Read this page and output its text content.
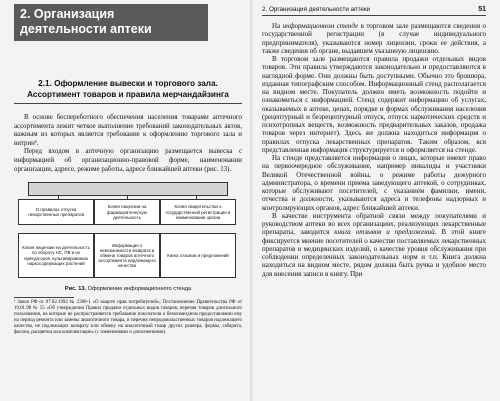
2. Организация деятельности аптеки
2.1. Оформление вывески и торгового зала. Ассортимент товаров и правила мерчандайзинга

В основе беспереботного обеспечения населения товарами аптечного ассортимента лежит четкое выполнение требований законодательных актов, важным из которых является требование к оформлению торгового зала и витрин¹.

Перед входом в аптечную организацию размещается вывеска с информацией об организационно-правовой форме, наименовании организации, адресе, режиме работы, адресе ближайшей аптеки (рис. 13).

О правилах отпуска лекарственных препаратов
Копия лицензии на фармацевтическую деятельность
Копия свидетельства о государственной регистрации и наименовании органа
Копия лицензии на деятельность по обороту НС, ПВ и их прекурсоров, культивированию наркосодержащих растений
Информация о невозможности возврата и обмена товаров аптечного ассортимента надлежащего качества
Книга отзывов и предложений
Рис. 13. Оформление информационного стенда

¹ Закон РФ от 07.02.1992 № 2300-1 «О защите прав потребителей»; Постановление Правительства РФ от 19.01.98 № 55 «Об утверждении Правил продажи отдельных видов товаров, перечня товаров длительного пользования, на которые не распространяется требование покупателя о безвозмездном предоставлении ему на период ремонта или замены аналогичного товара, и перечня непродовольственных товаров надлежащего качества, не подлежащих возврату или обмену на аналогичный товар других размера, формы, габарита, фасона, расцветки или комплектации» (с изменениями и дополнениями).

2. Организация деятельности аптеки	51

На информационном стенде в торговом зале размещаются сведения о государственной регистрации (в случае индивидуального предпринимателя), указываются номер лицензии, сроки ее действия, а также сведения об органе, выдавшем указанную лицензию.

В торговом зале размещаются правила продажи отдельных видов товаров. Эти правила утверждаются законодательно и предоставляются в наглядной форме. Они должны быть доступными. Обычно это брошюра, изданная типографским способом. Информационный стенд располагается на видном месте. Покупатель должен иметь возможность подойти и ознакомиться с информацией. Стенд содержит информацию об услугах, оказываемых в аптеке, ценах, порядке и формах обслуживания населения (рецептурный и безрецептурный отпуск, отпуск наркотических средств и психотропных веществ, возможность предварительных заказов, продажа товаров через интернет). Здесь же должна находиться информация о правилах отпуска лекарственных препаратов. Таким образом, вся представленная информация структурируется и оформляется на стенде.

На стенде представляется информация о лицах, которые имеют право на первоочередное обслуживание, например инвалиды и участники Великой Отечественной войны, о режиме работы дежурного администратора, о времени приема заведующего аптекой, о сотрудниках, которые обслуживают посетителей, с указанием фамилии, имени, отчества и должности, указываются адреса и телефоны надзорных и контролирующих органов, адрес ближайшей аптеки.

В качестве инструмента обратной связи между покупателями и руководством аптеки во всех организациях, реализующих лекарственные препараты, заводится книга отзывов и предложений. В этой книге фиксируется мнение посетителей о качестве поставляемых лекарственных препаратов и медицинских изделий, о качестве уровня обслуживания при соблюдении определенных законодательных норм и т.п. Книга должна находиться на видном месте, рядом должна быть ручка и удобное место для внесения записи в книгу. При
